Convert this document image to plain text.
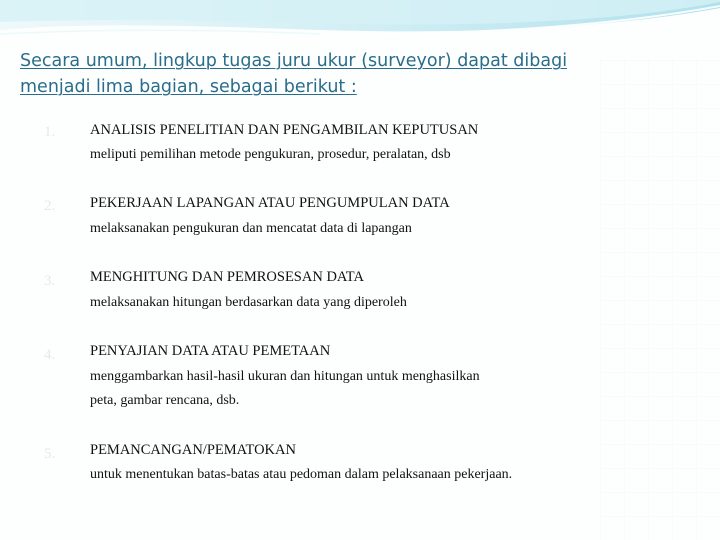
Secara umum, lingkup tugas juru ukur (surveyor) dapat dibagi
menjadi lima bagian, sebagai berikut :
1.	ANALISIS PENELITIAN DAN PENGAMBILAN KEPUTUSAN
meliputi pemilihan metode pengukuran, prosedur, peralatan, dsb
2.	PEKERJAAN LAPANGAN ATAU PENGUMPULAN DATA
melaksanakan pengukuran dan mencatat data di lapangan
3.	MENGHITUNG DAN PEMROSESAN DATA
melaksanakan hitungan berdasarkan data yang diperoleh
4.	PENYAJIAN DATA ATAU PEMETAAN
menggambarkan hasil-hasil ukuran dan hitungan untuk menghasilkan
peta, gambar rencana, dsb.
5.	PEMANCANGAN/PEMATOKAN
untuk menentukan batas-batas atau pedoman dalam pelaksanaan pekerjaan.
